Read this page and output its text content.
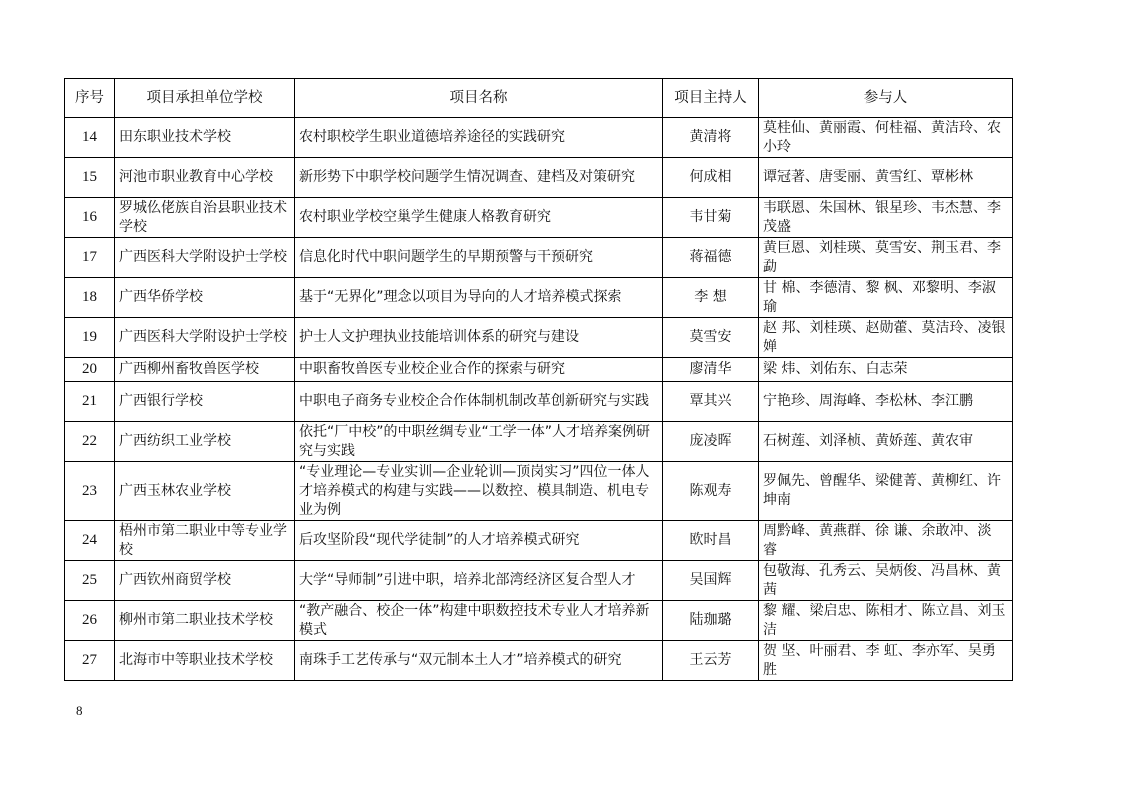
序号	项目承担单位学校	项目名称	项目主持人	参与人
14	田东职业技术学校	农村职校学生职业道德培养途径的实践研究	黄清将	莫桂仙、黄丽霞、何桂福、黄洁玲、农小玲
15	河池市职业教育中心学校	新形势下中职学校问题学生情况调查、建档及对策研究	何成相	谭冠著、唐雯丽、黄雪红、覃彬林
16	罗城仫佬族自治县职业技术学校	农村职业学校空巢学生健康人格教育研究	韦甘菊	韦联恩、朱国林、银星珍、韦杰慧、李茂盛
17	广西医科大学附设护士学校	信息化时代中职问题学生的早期预警与干预研究	蒋福德	黄巨恩、刘桂瑛、莫雪安、荆玉君、李勐
18	广西华侨学校	基于“无界化”理念以项目为导向的人才培养模式探索	李 想	甘 棉、李德清、黎 枫、邓黎明、李淑瑜
19	广西医科大学附设护士学校	护士人文护理执业技能培训体系的研究与建设	莫雪安	赵 邦、刘桂瑛、赵勋藿、莫洁玲、凌银婵
20	广西柳州畜牧兽医学校	中职畜牧兽医专业校企业合作的探索与研究	廖清华	梁 炜、刘佑东、白志荣
21	广西银行学校	中职电子商务专业校企合作体制机制改革创新研究与实践	覃其兴	宁艳珍、周海峰、李松林、李江鹏
22	广西纺织工业学校	依托“厂中校”的中职丝绸专业“工学一体”人才培养案例研究与实践	庞凌晖	石树莲、刘泽桢、黄娇莲、黄农审
23	广西玉林农业学校	“专业理论—专业实训—企业轮训—顶岗实习”四位一体人才培养模式的构建与实践——以数控、模具制造、机电专业为例	陈观寿	罗佩先、曾醒华、梁健菁、黄柳红、许坤南
24	梧州市第二职业中等专业学校	后攻坚阶段“现代学徒制”的人才培养模式研究	欧时昌	周黔峰、黄燕群、徐 谦、余敢冲、淡 睿
25	广西钦州商贸学校	大学“导师制”引进中职，培养北部湾经济区复合型人才	吴国辉	包敬海、孔秀云、吴炳俊、冯昌林、黄 茜
26	柳州市第二职业技术学校	“教产融合、校企一体”构建中职数控技术专业人才培养新模式	陆珈璐	黎 耀、梁启忠、陈相才、陈立昌、刘玉洁
27	北海市中等职业技术学校	南珠手工艺传承与“双元制本土人才”培养模式的研究	王云芳	贺 坚、叶丽君、李 虹、李亦军、吴勇胜
8
